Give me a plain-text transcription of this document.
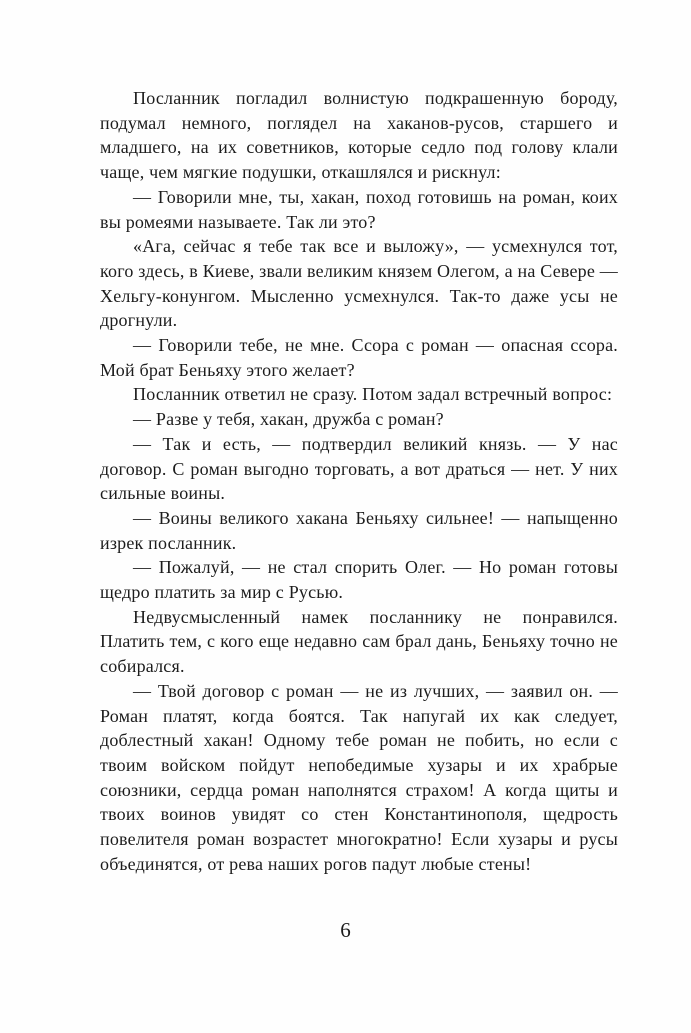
Посланник погладил волнистую подкрашенную бороду, подумал немного, поглядел на хаканов-русов, старшего и младшего, на их советников, которые седло под голову клали чаще, чем мягкие подушки, откашлялся и рискнул:

— Говорили мне, ты, хакан, поход готовишь на роман, коих вы ромеями называете. Так ли это?

«Ага, сейчас я тебе так все и выложу», — усмехнулся тот, кого здесь, в Киеве, звали великим князем Олегом, а на Севере — Хельгу-конунгом. Мысленно усмехнулся. Так-то даже усы не дрогнули.

— Говорили тебе, не мне. Ссора с роман — опасная ссора. Мой брат Беньяху этого желает?

Посланник ответил не сразу. Потом задал встречный вопрос:

— Разве у тебя, хакан, дружба с роман?

— Так и есть, — подтвердил великий князь. — У нас договор. С роман выгодно торговать, а вот драться — нет. У них сильные воины.

— Воины великого хакана Беньяху сильнее! — напыщенно изрек посланник.

— Пожалуй, — не стал спорить Олег. — Но роман готовы щедро платить за мир с Русью.

Недвусмысленный намек посланнику не понравился. Платить тем, с кого еще недавно сам брал дань, Беньяху точно не собирался.

— Твой договор с роман — не из лучших, — заявил он. — Роман платят, когда боятся. Так напугай их как следует, доблестный хакан! Одному тебе роман не побить, но если с твоим войском пойдут непобедимые хузары и их храбрые союзники, сердца роман наполнятся страхом! А когда щиты и твоих воинов увидят со стен Константинополя, щедрость повелителя роман возрастет многократно! Если хузары и русы объединятся, от рева наших рогов падут любые стены!

6
